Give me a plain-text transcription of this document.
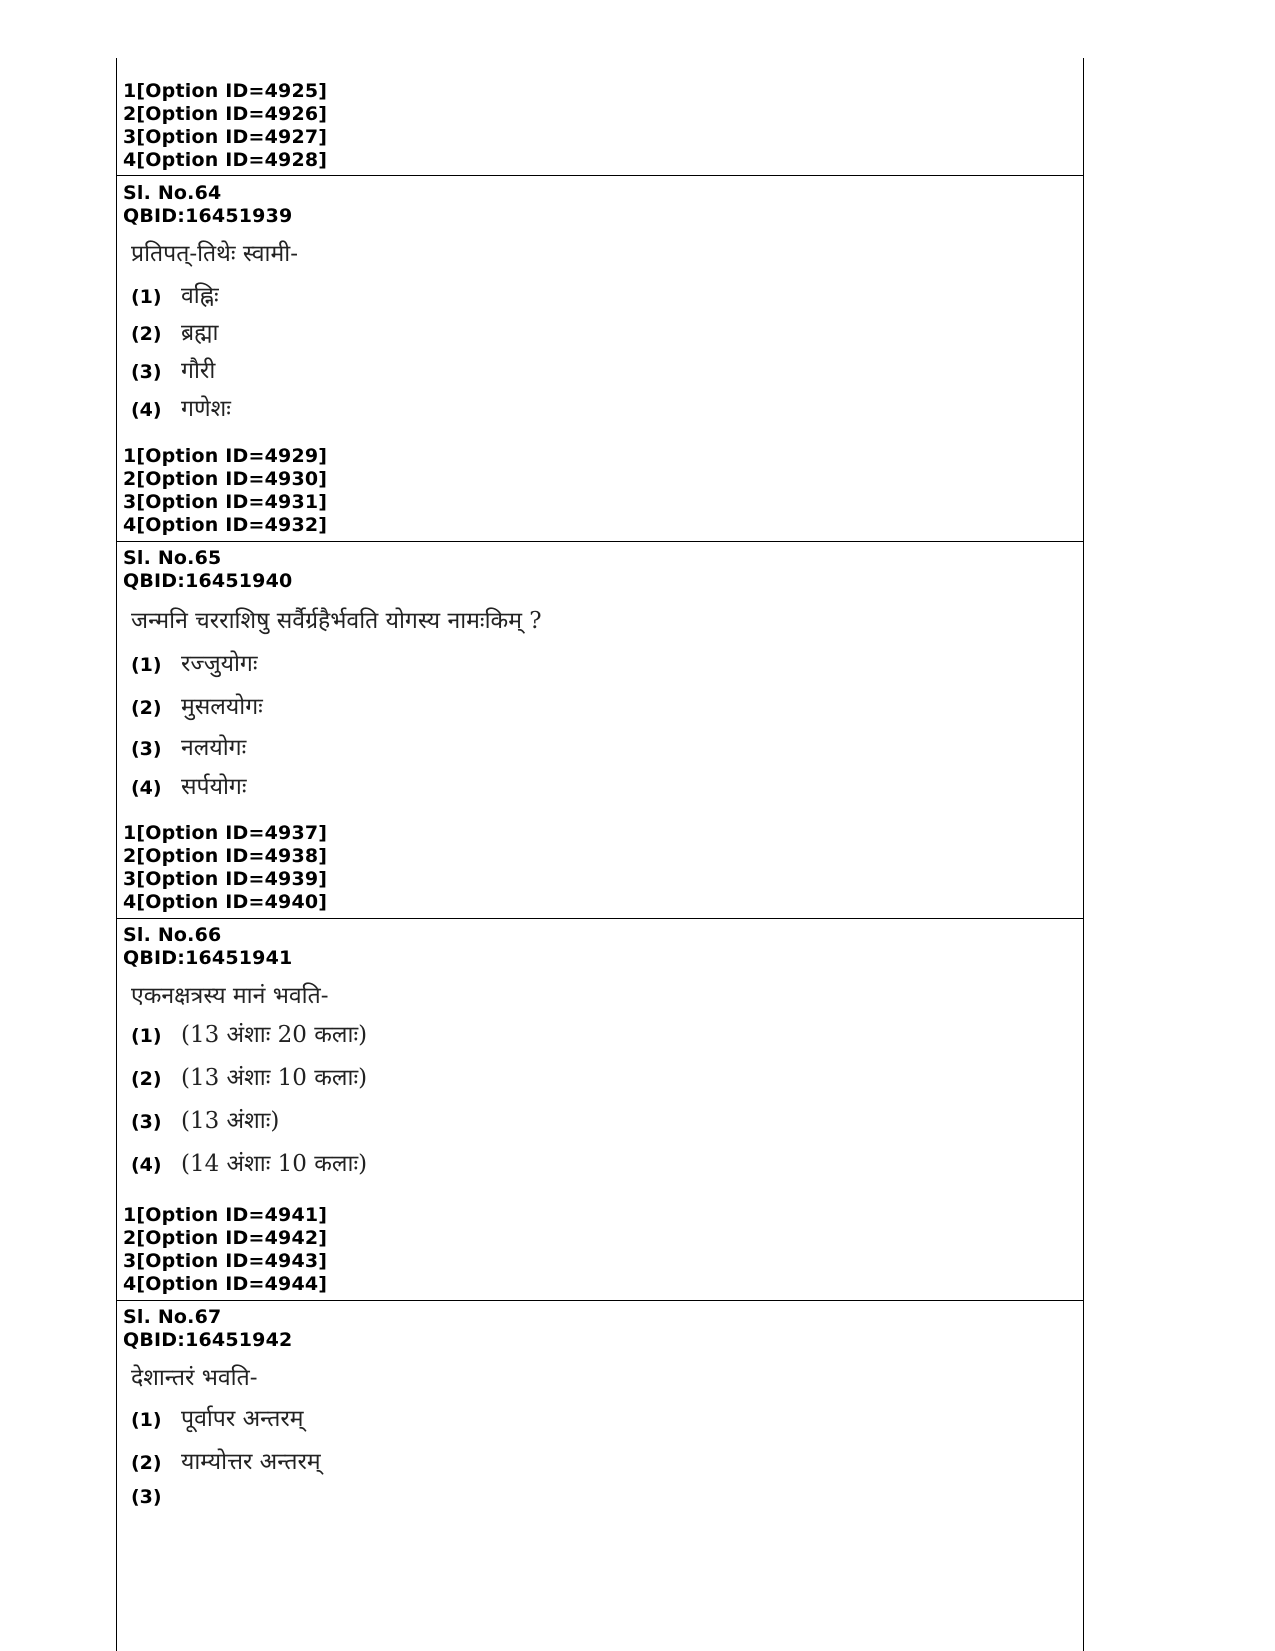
1[Option ID=4925]
2[Option ID=4926]
3[Option ID=4927]
4[Option ID=4928]
Sl. No.64
QBID:16451939
प्रतिपत्-तिथेः स्वामी-
(1) वह्निः
(2) ब्रह्मा
(3) गौरी
(4) गणेशः
1[Option ID=4929]
2[Option ID=4930]
3[Option ID=4931]
4[Option ID=4932]
Sl. No.65
QBID:16451940
जन्मनि चरराशिषु सर्वैर्ग्रहैर्भवति योगस्य नामःकिम् ?
(1) रज्जुयोगः
(2) मुसलयोगः
(3) नलयोगः
(4) सर्पयोगः
1[Option ID=4937]
2[Option ID=4938]
3[Option ID=4939]
4[Option ID=4940]
Sl. No.66
QBID:16451941
एकनक्षत्रस्य मानं भवति-
(1) (13 अंशाः 20 कलाः)
(2) (13 अंशाः 10 कलाः)
(3) (13 अंशाः)
(4) (14 अंशाः 10 कलाः)
1[Option ID=4941]
2[Option ID=4942]
3[Option ID=4943]
4[Option ID=4944]
Sl. No.67
QBID:16451942
देशान्तरं भवति-
(1) पूर्वापर अन्तरम्
(2) याम्योत्तर अन्तरम्
(3)
